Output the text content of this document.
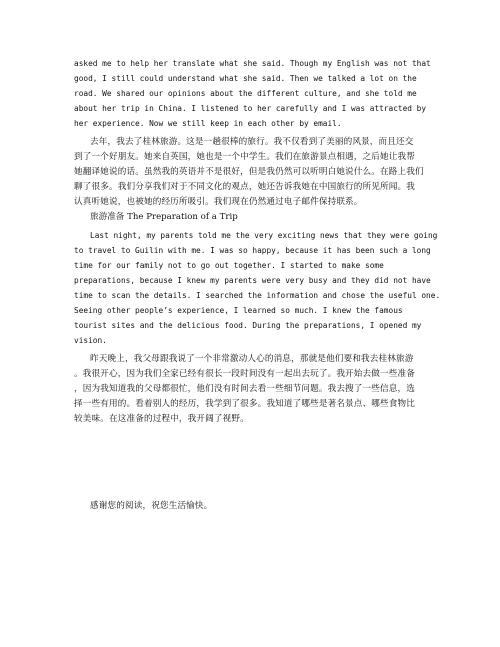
asked me to help her translate what she said. Though my English was not that
good, I still could understand what she said. Then we talked a lot on the
road. We shared our opinions about the different culture, and she told me
about her trip in China. I listened to her carefully and I was attracted by
her experience. Now we still keep in each other by email.
去年，我去了桂林旅游。这是一趟很棒的旅行。我不仅看到了美丽的风景，而且还交
到了一个好朋友。她来自英国，她也是一个中学生。我们在旅游景点相遇，之后她让我帮
她翻译她说的话。虽然我的英语并不是很好，但是我仍然可以听明白她说什么。在路上我们
聊了很多。我们分享我们对于不同文化的观点，她还告诉我她在中国旅行的所见所闻。我
认真听她说，也被她的经历所吸引。我们现在仍然通过电子邮件保持联系。
旅游准备 The Preparation of a Trip
Last night, my parents told me the very exciting news that they were going
to travel to Guilin with me. I was so happy, because it has been such a long
time for our family not to go out together. I started to make some
preparations, because I knew my parents were very busy and they did not have
time to scan the details. I searched the information and chose the useful one.
Seeing other people’s experience, I learned so much. I knew the famous
tourist sites and the delicious food. During the preparations, I opened my
vision.
昨天晚上，我父母跟我说了一个非常激动人心的消息，那就是他们要和我去桂林旅游
。我很开心，因为我们全家已经有很长一段时间没有一起出去玩了。我开始去做一些准备
，因为我知道我的父母都很忙，他们没有时间去看一些细节问题。我去搜了一些信息，选
择一些有用的。看着别人的经历，我学到了很多。我知道了哪些是著名景点、哪些食物比
较美味。在这准备的过程中，我开阔了视野。
感谢您的阅读，祝您生活愉快。
